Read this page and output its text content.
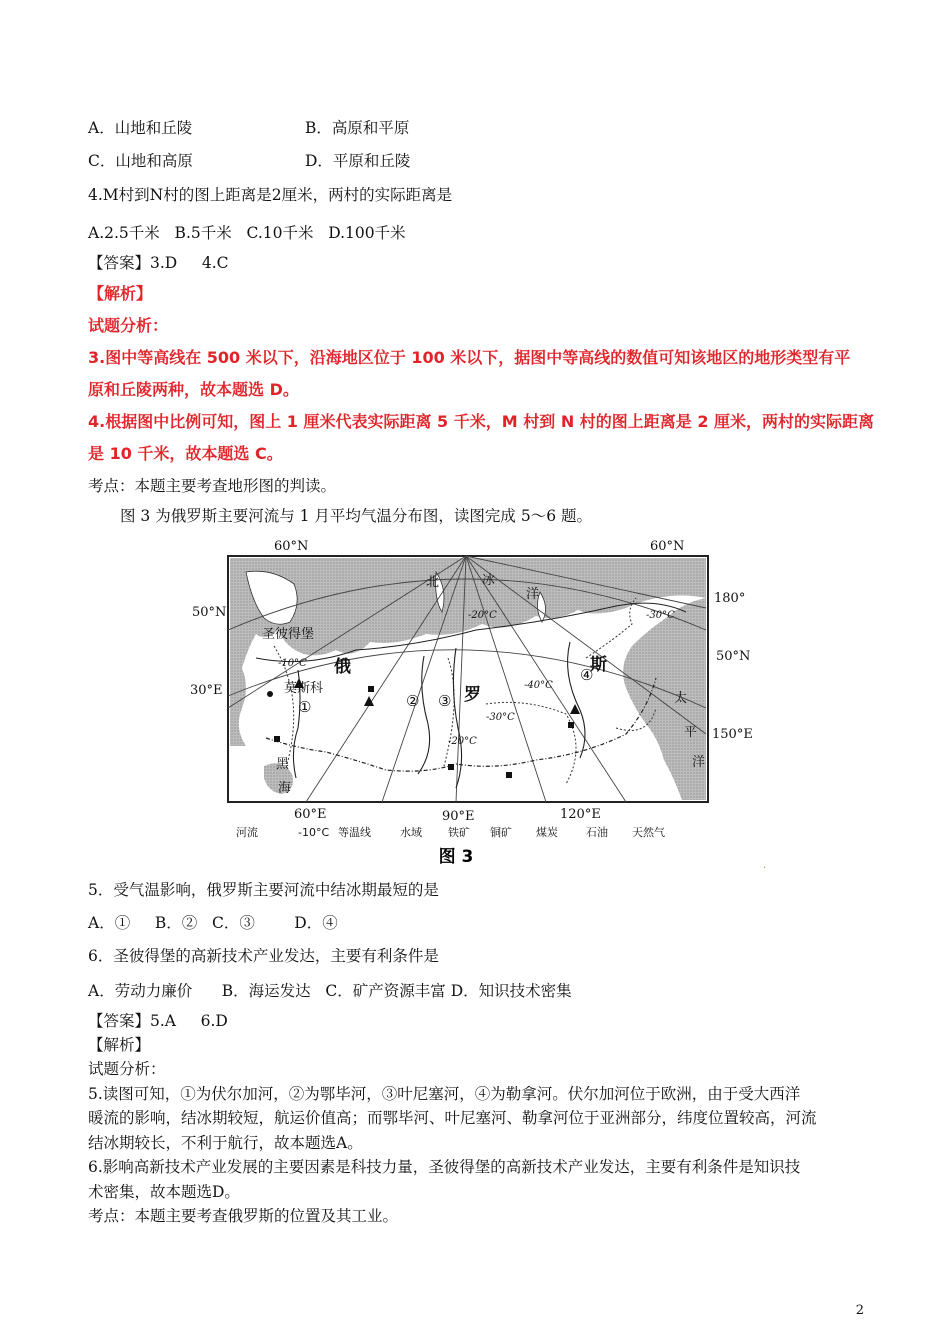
A．山地和丘陵	B．高原和平原
C．山地和高原	D．平原和丘陵
4.M村到N村的图上距离是2厘米，两村的实际距离是
A.2.5千米   B.5千米   C.10千米   D.100千米
【答案】3.D     4.C
【解析】
试题分析：
3.图中等高线在 500 米以下，沿海地区位于 100 米以下，据图中等高线的数值可知该地区的地形类型有平
原和丘陵两种，故本题选 D。
4.根据图中比例可知，图上 1 厘米代表实际距离 5 千米，M 村到 N 村的图上距离是 2 厘米，两村的实际距离
是 10 千米，故本题选 C。
考点：本题主要考查地形图的判读。
图 3 为俄罗斯主要河流与 1 月平均气温分布图，读图完成 5～6 题。
60°N	60°N
50°N
50°N
30°E
60°E	90°E	120°E
150°E
180°
北	冰
洋
太
平
洋
黑
海
圣彼得堡
莫斯科
俄
罗
斯
①	② ③
④
-10°C
-20°C	-30°C
-40°C
-30°C
-20°C
河流	-10°C 等温线	水域 铁矿 铜矿 煤炭	石油 天然气
图 3	.
5．受气温影响，俄罗斯主要河流中结冰期最短的是
A．①     B．②   C．③        D．④
6．圣彼得堡的高新技术产业发达，主要有利条件是
A．劳动力廉价      B．海运发达   C．矿产资源丰富 D．知识技术密集
【答案】5.A     6.D
【解析】
试题分析：
5.读图可知，①为伏尔加河，②为鄂毕河，③叶尼塞河，④为勒拿河。伏尔加河位于欧洲，由于受大西洋
暖流的影响，结冰期较短，航运价值高；而鄂毕河、叶尼塞河、勒拿河位于亚洲部分，纬度位置较高，河流
结冰期较长，不利于航行，故本题选A。
6.影响高新技术产业发展的主要因素是科技力量，圣彼得堡的高新技术产业发达，主要有利条件是知识技
术密集，故本题选D。
考点：本题主要考查俄罗斯的位置及其工业。
2
